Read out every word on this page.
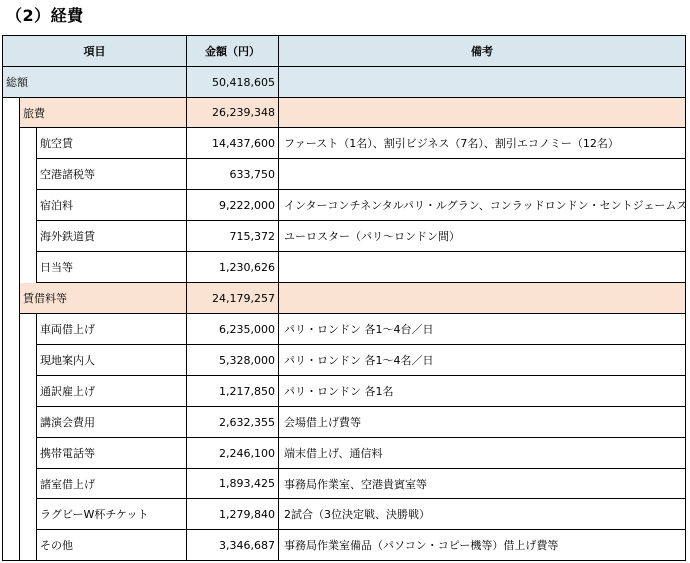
（2）経費
項目	金額（円）	備考
総額	50,418,605
旅費	26,239,348
航空賃	14,437,600 ファースト（1名）、割引ビジネス（7名）、割引エコノミー（12名）
空港諸税等	633,750
宿泊料	9,222,000 インターコンチネンタルパリ・ルグラン、コンラッドロンドン・セントジェームス
海外鉄道賃	715,372 ユーロスター（パリ～ロンドン間）
日当等	1,230,626
賃借料等	24,179,257
車両借上げ	6,235,000 パリ・ロンドン 各1～4台／日
現地案内人	5,328,000 パリ・ロンドン 各1～4名／日
通訳雇上げ	1,217,850 パリ・ロンドン 各1名
講演会費用	2,632,355 会場借上げ費等
携帯電話等	2,246,100 端末借上げ、通信料
諸室借上げ	1,893,425 事務局作業室、空港貴賓室等
ラグビーW杯チケット	1,279,840 2試合（3位決定戦、決勝戦）
その他	3,346,687 事務局作業室備品（パソコン・コピー機等）借上げ費等
